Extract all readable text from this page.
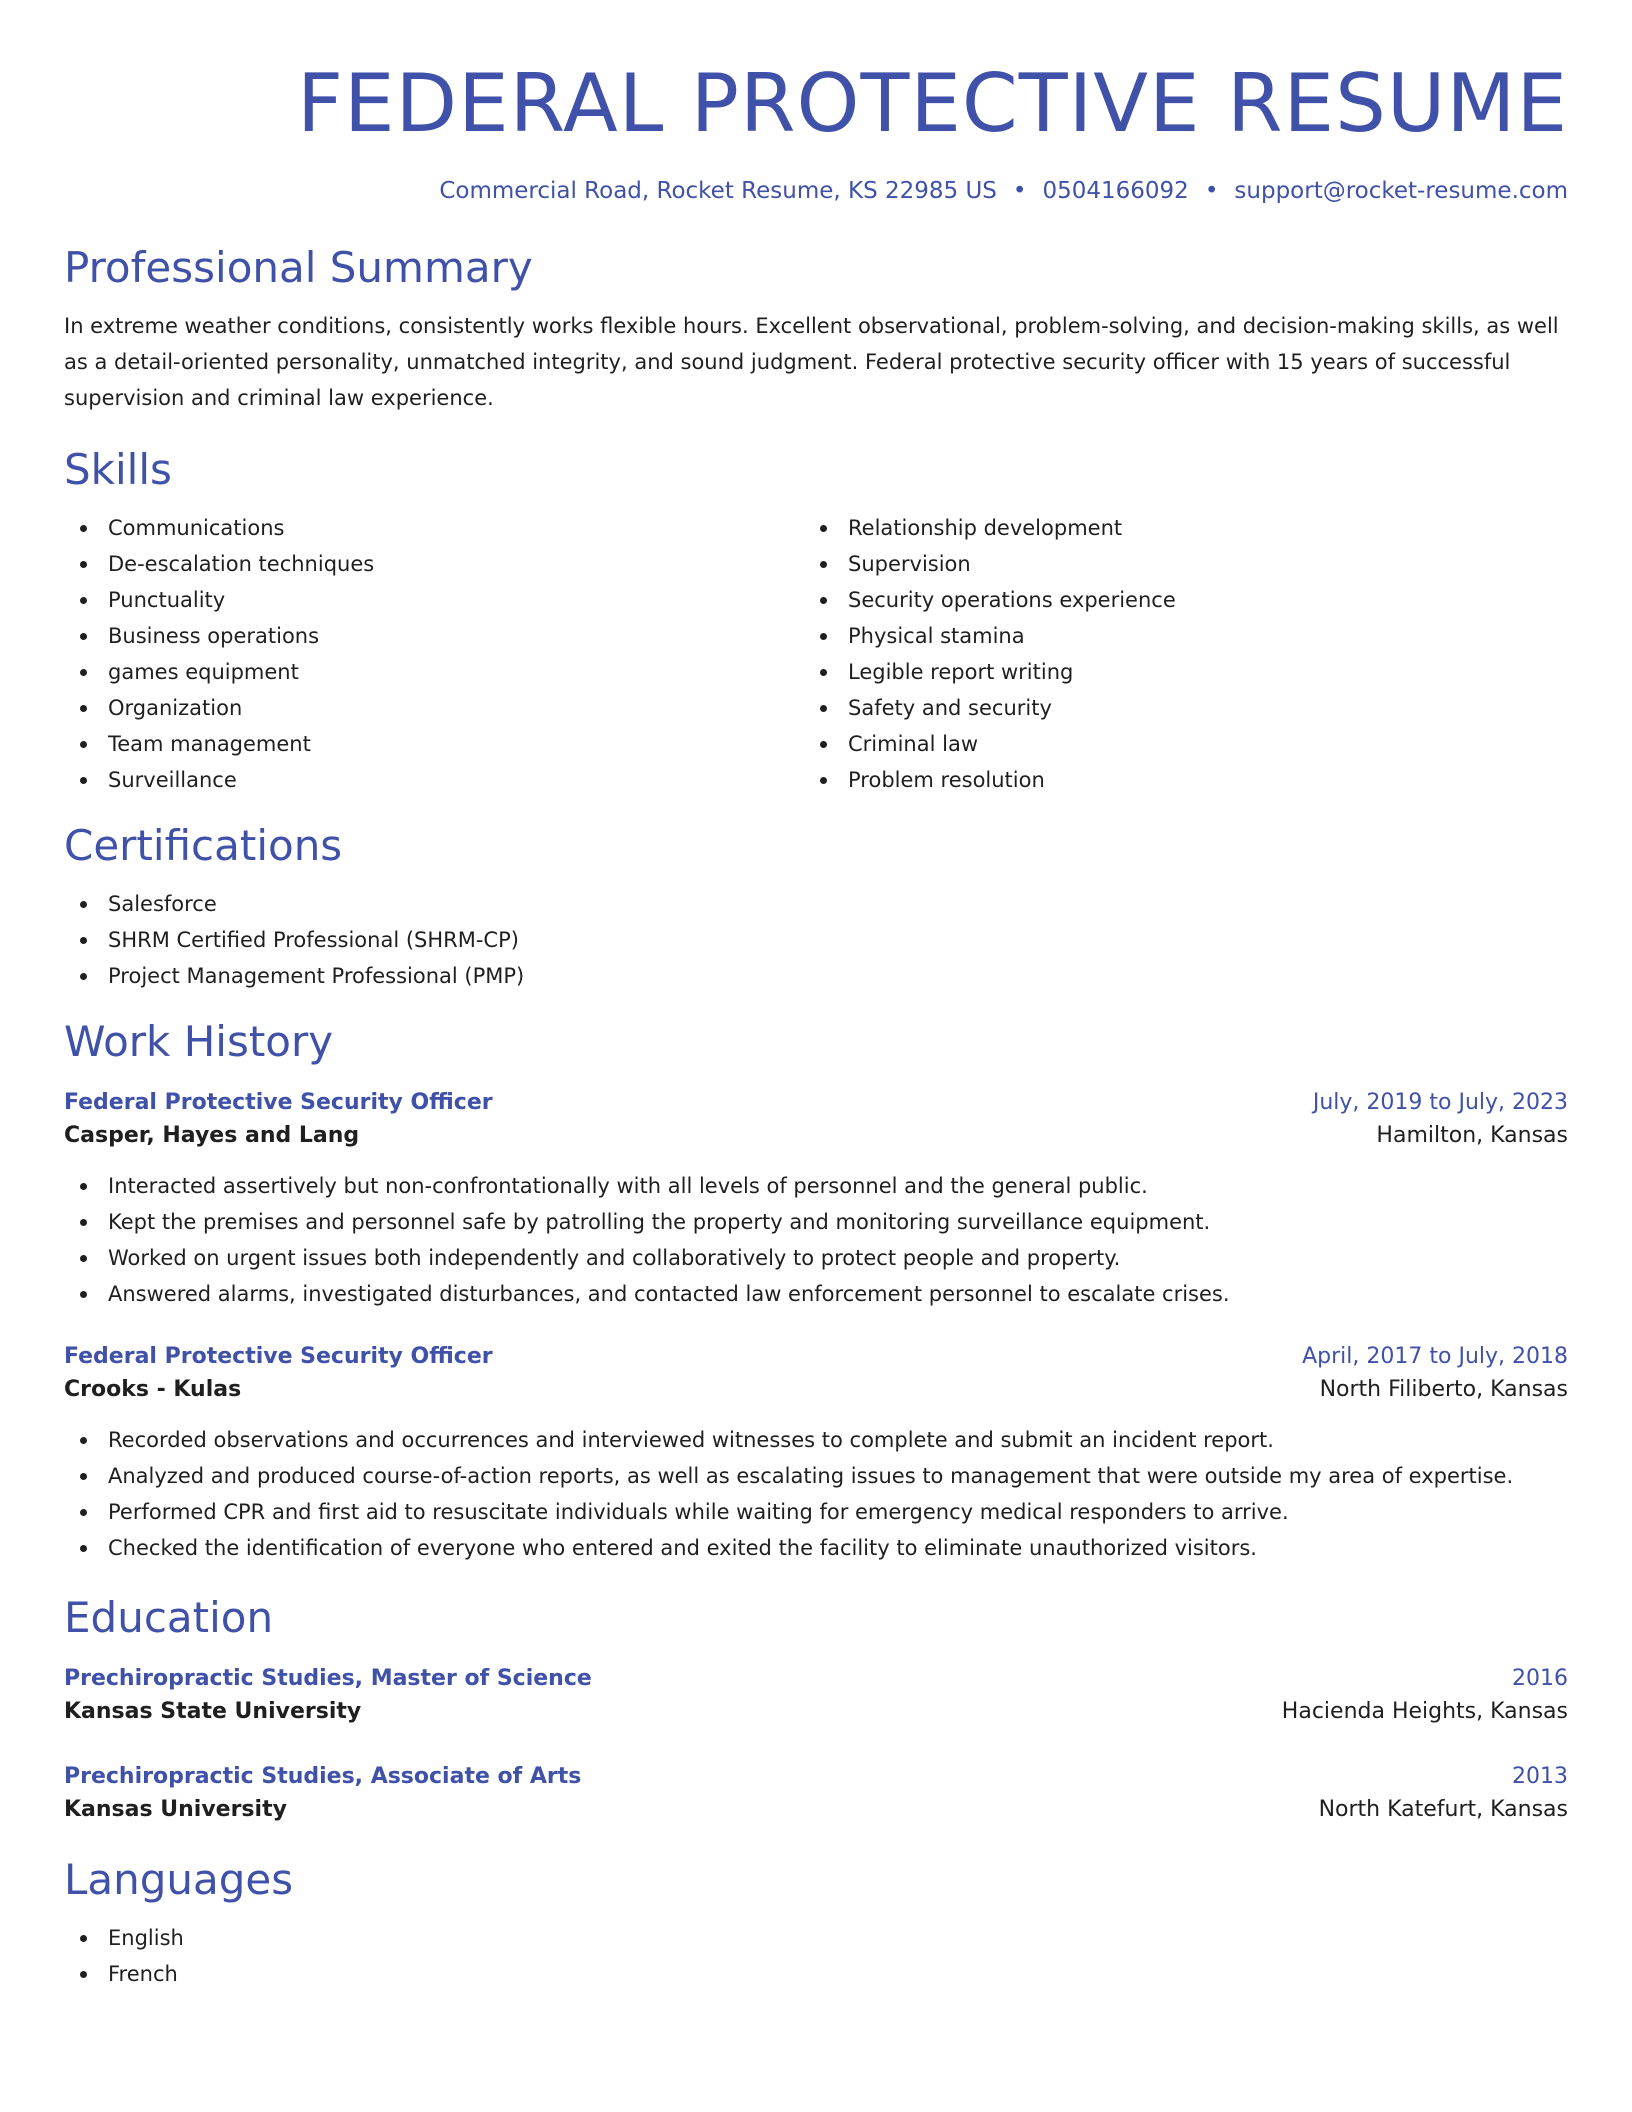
FEDERAL PROTECTIVE RESUME
Commercial Road, Rocket Resume, KS 22985 US • 0504166092 • support@rocket-resume.com
Professional Summary

In extreme weather conditions, consistently works flexible hours. Excellent observational, problem-solving, and decision-making skills, as well as a detail-oriented personality, unmatched integrity, and sound judgment. Federal protective security officer with 15 years of successful supervision and criminal law experience.

Skills
Communications
De-escalation techniques
Punctuality
Business operations
games equipment
Organization
Team management
Surveillance
Relationship development
Supervision
Security operations experience
Physical stamina
Legible report writing
Safety and security
Criminal law
Problem resolution
Certifications
Salesforce
SHRM Certified Professional (SHRM-CP)
Project Management Professional (PMP)
Work History
Federal Protective Security Officer	July, 2019 to July, 2023
Casper, Hayes and Lang	Hamilton, Kansas
Interacted assertively but non-confrontationally with all levels of personnel and the general public.
Kept the premises and personnel safe by patrolling the property and monitoring surveillance equipment.
Worked on urgent issues both independently and collaboratively to protect people and property.
Answered alarms, investigated disturbances, and contacted law enforcement personnel to escalate crises.
Federal Protective Security Officer	April, 2017 to July, 2018
Crooks - Kulas	North Filiberto, Kansas
Recorded observations and occurrences and interviewed witnesses to complete and submit an incident report.
Analyzed and produced course-of-action reports, as well as escalating issues to management that were outside my area of expertise.
Performed CPR and first aid to resuscitate individuals while waiting for emergency medical responders to arrive.
Checked the identification of everyone who entered and exited the facility to eliminate unauthorized visitors.
Education
Prechiropractic Studies, Master of Science	2016
Kansas State University	Hacienda Heights, Kansas
Prechiropractic Studies, Associate of Arts	2013
Kansas University	North Katefurt, Kansas
Languages
English
French
